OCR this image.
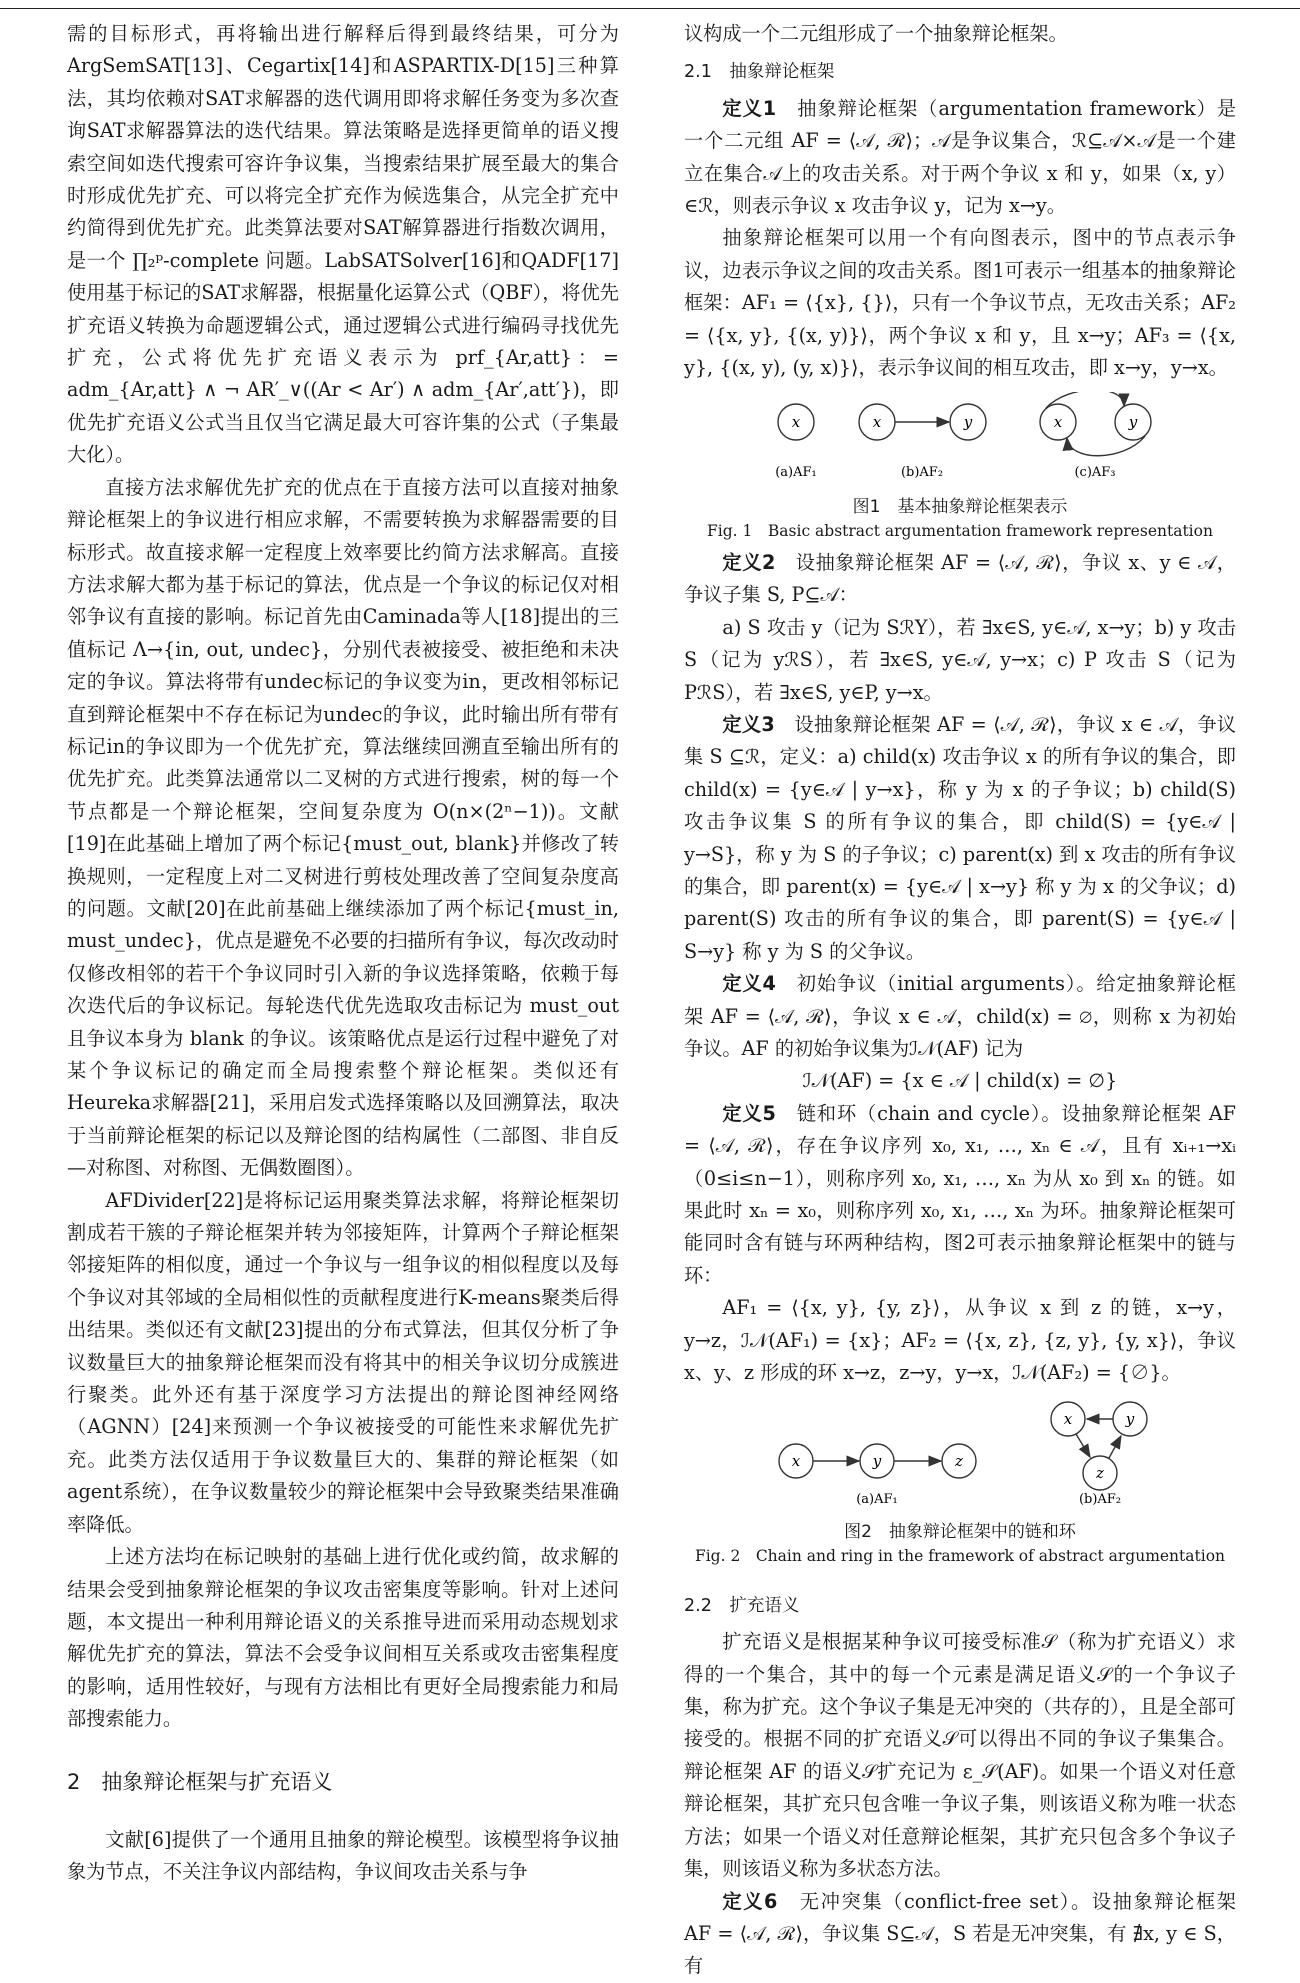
需的目标形式，再将输出进行解释后得到最终结果，可分为ArgSemSAT[13]、Cegartix[14]和ASPARTIX-D[15]三种算法，其均依赖对SAT求解器的迭代调用即将求解任务变为多次查询SAT求解器算法的迭代结果。算法策略是选择更简单的语义搜索空间如迭代搜索可容许争议集，当搜索结果扩展至最大的集合时形成优先扩充、可以将完全扩充作为候选集合，从完全扩充中约简得到优先扩充。此类算法要对SAT解算器进行指数次调用，是一个 ∏₂ᵖ-complete 问题。LabSATSolver[16]和QADF[17]使用基于标记的SAT求解器，根据量化运算公式（QBF），将优先扩充语义转换为命题逻辑公式，通过逻辑公式进行编码寻找优先扩充，公式将优先扩充语义表示为 prf_{Ar,att}：= adm_{Ar,att} ∧ ¬ AR′_∨((Ar < Ar′) ∧ adm_{Ar′,att′})，即优先扩充语义公式当且仅当它满足最大可容许集的公式（子集最大化）。

直接方法求解优先扩充的优点在于直接方法可以直接对抽象辩论框架上的争议进行相应求解，不需要转换为求解器需要的目标形式。故直接求解一定程度上效率要比约简方法求解高。直接方法求解大都为基于标记的算法，优点是一个争议的标记仅对相邻争议有直接的影响。标记首先由Caminada等人[18]提出的三值标记 Λ→{in, out, undec}，分别代表被接受、被拒绝和未决定的争议。算法将带有undec标记的争议变为in，更改相邻标记直到辩论框架中不存在标记为undec的争议，此时输出所有带有标记in的争议即为一个优先扩充，算法继续回溯直至输出所有的优先扩充。此类算法通常以二叉树的方式进行搜索，树的每一个节点都是一个辩论框架，空间复杂度为 O(n×(2ⁿ−1))。文献[19]在此基础上增加了两个标记{must_out, blank}并修改了转换规则，一定程度上对二叉树进行剪枝处理改善了空间复杂度高的问题。文献[20]在此前基础上继续添加了两个标记{must_in, must_undec}，优点是避免不必要的扫描所有争议，每次改动时仅修改相邻的若干个争议同时引入新的争议选择策略，依赖于每次迭代后的争议标记。每轮迭代优先选取攻击标记为 must_out 且争议本身为 blank 的争议。该策略优点是运行过程中避免了对某个争议标记的确定而全局搜索整个辩论框架。类似还有Heureka求解器[21]，采用启发式选择策略以及回溯算法，取决于当前辩论框架的标记以及辩论图的结构属性（二部图、非自反—对称图、对称图、无偶数圈图）。

AFDivider[22]是将标记运用聚类算法求解，将辩论框架切割成若干簇的子辩论框架并转为邻接矩阵，计算两个子辩论框架邻接矩阵的相似度，通过一个争议与一组争议的相似程度以及每个争议对其邻域的全局相似性的贡献程度进行K-means聚类后得出结果。类似还有文献[23]提出的分布式算法，但其仅分析了争议数量巨大的抽象辩论框架而没有将其中的相关争议切分成簇进行聚类。此外还有基于深度学习方法提出的辩论图神经网络（AGNN）[24]来预测一个争议被接受的可能性来求解优先扩充。此类方法仅适用于争议数量巨大的、集群的辩论框架（如agent系统），在争议数量较少的辩论框架中会导致聚类结果准确率降低。

上述方法均在标记映射的基础上进行优化或约简，故求解的结果会受到抽象辩论框架的争议攻击密集度等影响。针对上述问题，本文提出一种利用辩论语义的关系推导进而采用动态规划求解优先扩充的算法，算法不会受争议间相互关系或攻击密集程度的影响，适用性较好，与现有方法相比有更好全局搜索能力和局部搜索能力。

2　抽象辩论框架与扩充语义

文献[6]提供了一个通用且抽象的辩论模型。该模型将争议抽象为节点，不关注争议内部结构，争议间攻击关系与争

议构成一个二元组形成了一个抽象辩论框架。

2.1　抽象辩论框架

定义1　 抽象辩论框架（argumentation framework）是一个二元组 AF = ⟨𝒜, ℛ⟩；𝒜是争议集合，ℛ⊆𝒜×𝒜是一个建立在集合𝒜上的攻击关系。对于两个争议 x 和 y，如果（x, y）∈ℛ，则表示争议 x 攻击争议 y，记为 x→y。

抽象辩论框架可以用一个有向图表示，图中的节点表示争议，边表示争议之间的攻击关系。图1可表示一组基本的抽象辩论框架：AF₁ = ⟨{x}, {}⟩，只有一个争议节点，无攻击关系；AF₂ = ⟨{x, y}, {(x, y)}⟩，两个争议 x 和 y，且 x→y；AF₃ = ⟨{x, y}, {(x, y), (y, x)}⟩，表示争议间的相互攻击，即 x→y，y→x。

x	x	y	x	y
(a)AF₁	(b)AF₂	(c)AF₃
图1　基本抽象辩论框架表示
Fig. 1　Basic abstract argumentation framework representation

定义2　 设抽象辩论框架 AF = ⟨𝒜, ℛ⟩，争议 x、y ∈ 𝒜，争议子集 S, P⊆𝒜：

a) S 攻击 y（记为 SℛY），若 ∃x∈S, y∈𝒜, x→y；b) y 攻击 S（记为 yℛS），若 ∃x∈S, y∈𝒜, y→x；c) P 攻击 S（记为 PℛS），若 ∃x∈S, y∈P, y→x。

定义3　 设抽象辩论框架 AF = ⟨𝒜, ℛ⟩，争议 x ∈ 𝒜，争议集 S ⊆ℛ，定义：a) child(x) 攻击争议 x 的所有争议的集合，即 child(x) = {y∈𝒜 | y→x}，称 y 为 x 的子争议；b) child(S) 攻击争议集 S 的所有争议的集合，即 child(S) = {y∈𝒜 | y→S}，称 y 为 S 的子争议；c) parent(x) 到 x 攻击的所有争议的集合，即 parent(x) = {y∈𝒜 | x→y} 称 y 为 x 的父争议；d) parent(S) 攻击的所有争议的集合，即 parent(S) = {y∈𝒜 | S→y} 称 y 为 S 的父争议。

定义4　 初始争议（initial arguments）。给定抽象辩论框架 AF = ⟨𝒜, ℛ⟩，争议 x ∈ 𝒜，child(x) = ∅，则称 x 为初始争议。AF 的初始争议集为ℐ𝒩(AF) 记为

ℐ𝒩(AF) = {x ∈ 𝒜 | child(x) = ∅}

定义5　 链和环（chain and cycle）。设抽象辩论框架 AF = ⟨𝒜, ℛ⟩，存在争议序列 x₀, x₁, …, xₙ ∈ 𝒜，且有 xᵢ₊₁→xᵢ（0≤i≤n−1），则称序列 x₀, x₁, …, xₙ 为从 x₀ 到 xₙ 的链。如果此时 xₙ = x₀，则称序列 x₀, x₁, …, xₙ 为环。抽象辩论框架可能同时含有链与环两种结构，图2可表示抽象辩论框架中的链与环：

AF₁ = ⟨{x, y}, {y, z}⟩，从争议 x 到 z 的链，x→y，y→z，ℐ𝒩(AF₁) = {x}；AF₂ = ⟨{x, z}, {z, y}, {y, x}⟩，争议 x、y、z 形成的环 x→z，z→y，y→x，ℐ𝒩(AF₂) = {∅}。

x	y	z
x	y
z
(a)AF₁	(b)AF₂
图2　抽象辩论框架中的链和环
Fig. 2　Chain and ring in the framework of abstract argumentation
2.2　扩充语义

扩充语义是根据某种争议可接受标准𝒮（称为扩充语义）求得的一个集合，其中的每一个元素是满足语义𝒮的一个争议子集，称为扩充。这个争议子集是无冲突的（共存的），且是全部可接受的。根据不同的扩充语义𝒮可以得出不同的争议子集集合。辩论框架 AF 的语义𝒮扩充记为 ε_𝒮(AF)。如果一个语义对任意辩论框架，其扩充只包含唯一争议子集，则该语义称为唯一状态方法；如果一个语义对任意辩论框架，其扩充只包含多个争议子集，则该语义称为多状态方法。

定义6　 无冲突集（conflict-free set）。设抽象辩论框架 AF = ⟨𝒜, ℛ⟩，争议集 S⊆𝒜，S 若是无冲突集，有 ∄x, y ∈ S，有
